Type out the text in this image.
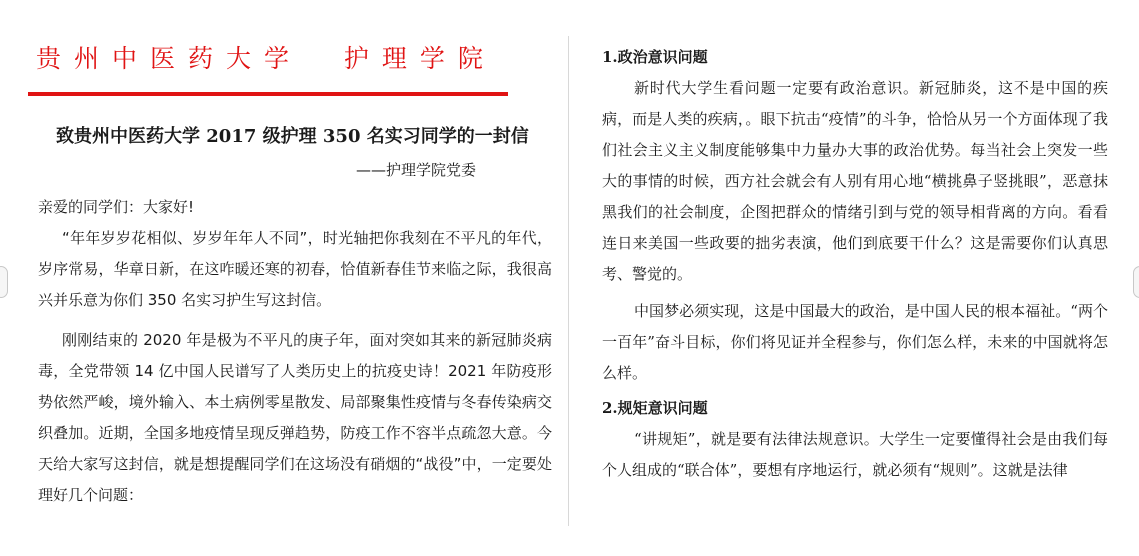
贵州中医药大学  护理学院
致贵州中医药大学 2017 级护理 350 名实习同学的一封信

——护理学院党委

亲爱的同学们：大家好!

“年年岁岁花相似、岁岁年年人不同”，时光轴把你我刻在不平凡的年代，岁序常易，华章日新，在这咋暖还寒的初春，恰值新春佳节来临之际，我很高兴并乐意为你们 350 名实习护生写这封信。

刚刚结束的 2020 年是极为不平凡的庚子年，面对突如其来的新冠肺炎病毒，全党带领 14 亿中国人民谱写了人类历史上的抗疫史诗！2021 年防疫形势依然严峻，境外输入、本土病例零星散发、局部聚集性疫情与冬春传染病交织叠加。近期，全国多地疫情呈现反弹趋势，防疫工作不容半点疏忽大意。今天给大家写这封信，就是想提醒同学们在这场没有硝烟的“战役”中，一定要处理好几个问题：

1.政治意识问题

新时代大学生看问题一定要有政治意识。新冠肺炎，这不是中国的疾病，而是人类的疾病，。眼下抗击“疫情”的斗争，恰恰从另一个方面体现了我们社会主义主义制度能够集中力量办大事的政治优势。每当社会上突发一些大的事情的时候，西方社会就会有人别有用心地“横挑鼻子竖挑眼”，恶意抹黑我们的社会制度，企图把群众的情绪引到与党的领导相背离的方向。看看连日来美国一些政要的拙劣表演，他们到底要干什么？这是需要你们认真思考、警觉的。

中国梦必须实现，这是中国最大的政治，是中国人民的根本福祉。“两个一百年”奋斗目标，你们将见证并全程参与，你们怎么样，未来的中国就将怎么样。

2.规矩意识问题

“讲规矩”，就是要有法律法规意识。大学生一定要懂得社会是由我们每个人组成的“联合体”，要想有序地运行，就必须有“规则”。这就是法律
